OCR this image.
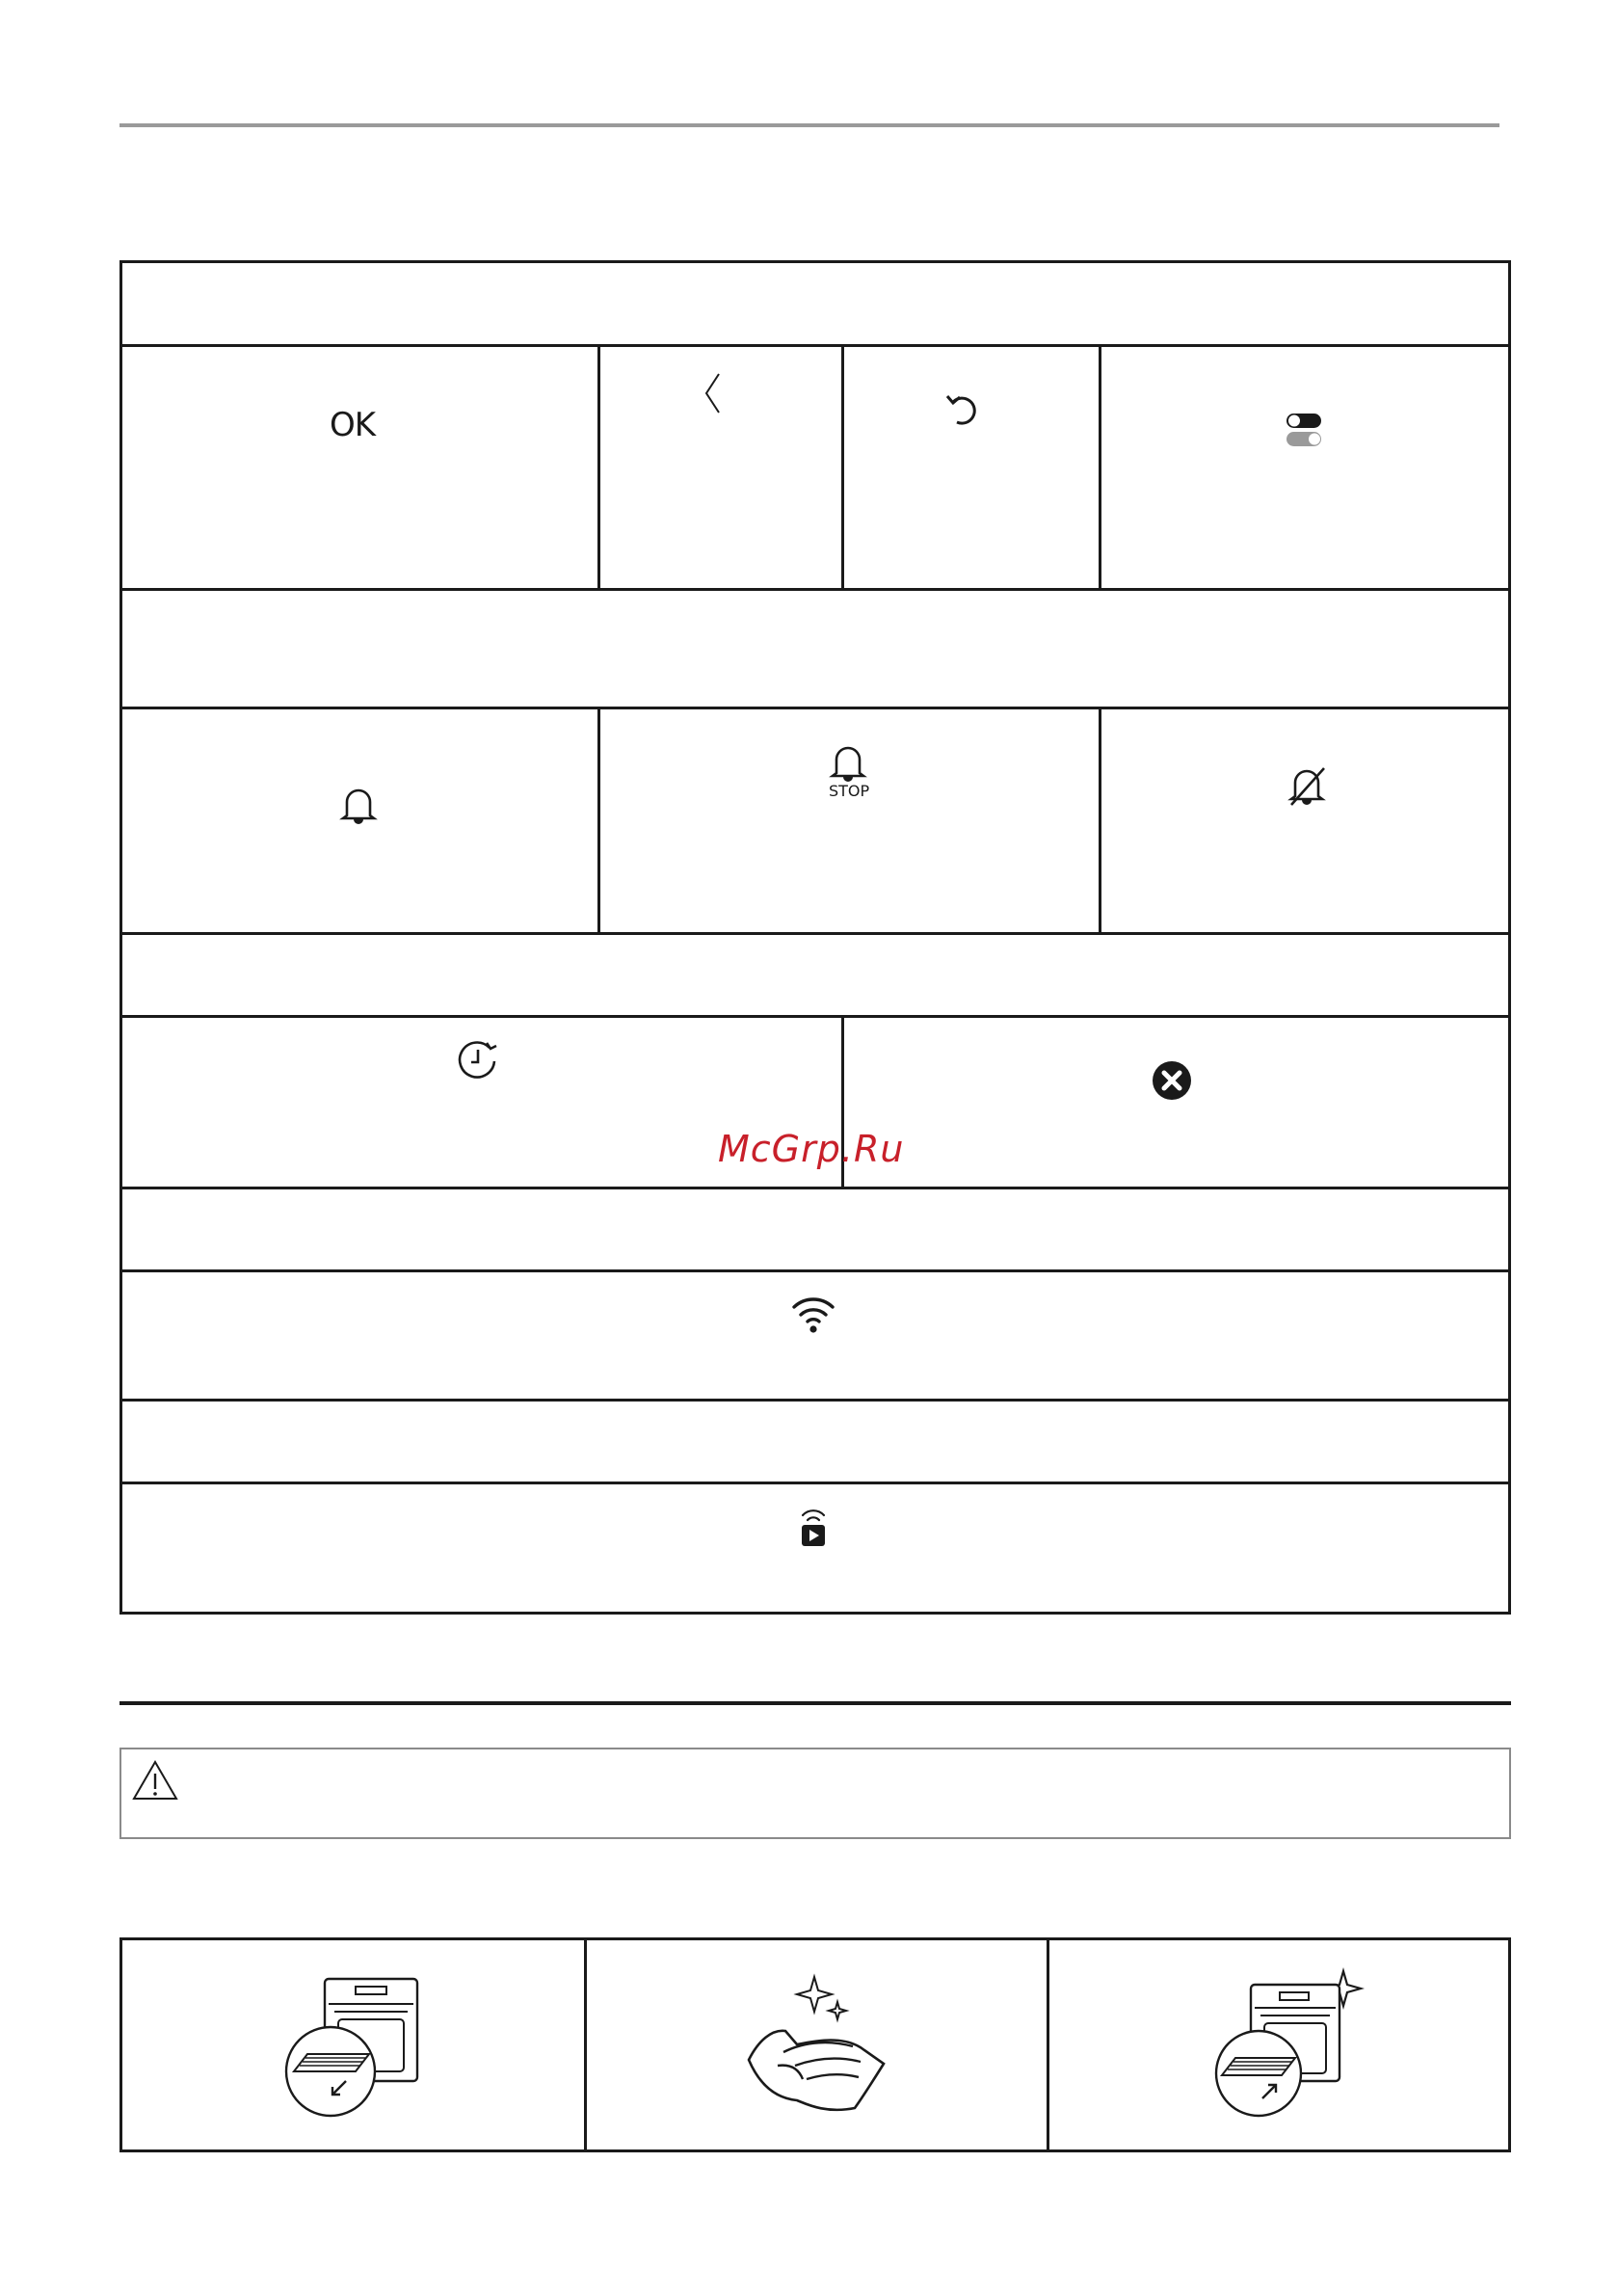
OK
STOP
McGrp.Ru
